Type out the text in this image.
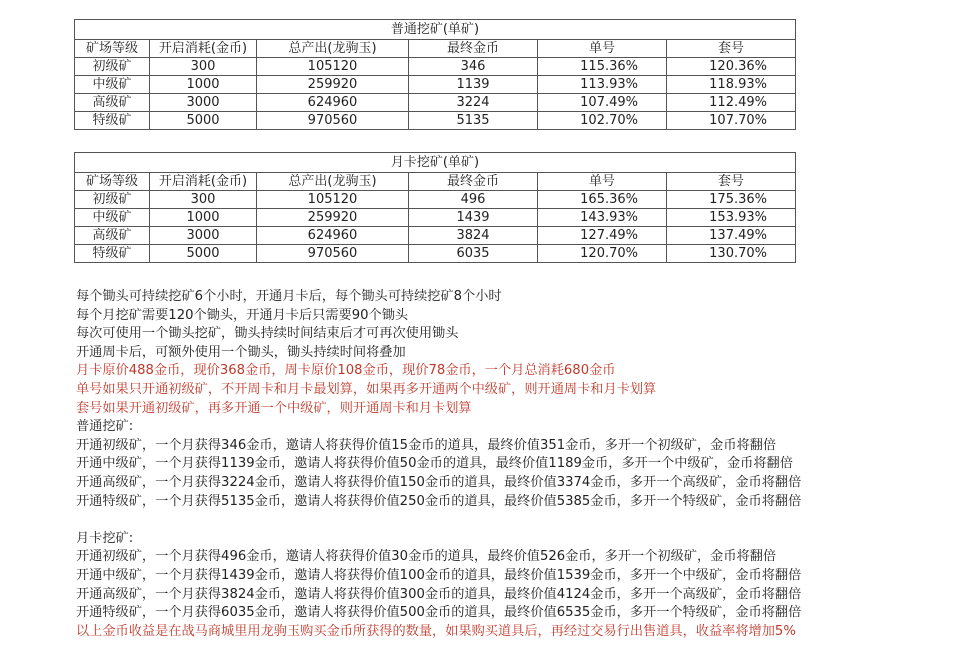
普通挖矿(单矿)					
矿场等级	开启消耗(金币)	总产出(龙驹玉)	最终金币	单号	套号
初级矿	300	105120	346	115.36%	120.36%
中级矿	1000	259920	1139	113.93%	118.93%
高级矿	3000	624960	3224	107.49%	112.49%
特级矿	5000	970560	5135	102.70%	107.70%
月卡挖矿(单矿)					
矿场等级	开启消耗(金币)	总产出(龙驹玉)	最终金币	单号	套号
初级矿	300	105120	496	165.36%	175.36%
中级矿	1000	259920	1439	143.93%	153.93%
高级矿	3000	624960	3824	127.49%	137.49%
特级矿	5000	970560	6035	120.70%	130.70%
每个锄头可持续挖矿6个小时，开通月卡后，每个锄头可持续挖矿8个小时
每个月挖矿需要120个锄头，开通月卡后只需要90个锄头
每次可使用一个锄头挖矿，锄头持续时间结束后才可再次使用锄头
开通周卡后，可额外使用一个锄头，锄头持续时间将叠加
月卡原价488金币，现价368金币，周卡原价108金币，现价78金币，一个月总消耗680金币
单号如果只开通初级矿，不开周卡和月卡最划算，如果再多开通两个中级矿，则开通周卡和月卡划算
套号如果开通初级矿，再多开通一个中级矿，则开通周卡和月卡划算
普通挖矿:
开通初级矿，一个月获得346金币，邀请人将获得价值15金币的道具，最终价值351金币，多开一个初级矿，金币将翻倍
开通中级矿，一个月获得1139金币，邀请人将获得价值50金币的道具，最终价值1189金币，多开一个中级矿，金币将翻倍
开通高级矿，一个月获得3224金币，邀请人将获得价值150金币的道具，最终价值3374金币，多开一个高级矿，金币将翻倍
开通特级矿，一个月获得5135金币，邀请人将获得价值250金币的道具，最终价值5385金币，多开一个特级矿，金币将翻倍
月卡挖矿:
开通初级矿，一个月获得496金币，邀请人将获得价值30金币的道具，最终价值526金币，多开一个初级矿，金币将翻倍
开通中级矿，一个月获得1439金币，邀请人将获得价值100金币的道具，最终价值1539金币，多开一个中级矿，金币将翻倍
开通高级矿，一个月获得3824金币，邀请人将获得价值300金币的道具，最终价值4124金币，多开一个高级矿，金币将翻倍
开通特级矿，一个月获得6035金币，邀请人将获得价值500金币的道具，最终价值6535金币，多开一个特级矿，金币将翻倍
以上金币收益是在战马商城里用龙驹玉购买金币所获得的数量，如果购买道具后，再经过交易行出售道具，收益率将增加5%
